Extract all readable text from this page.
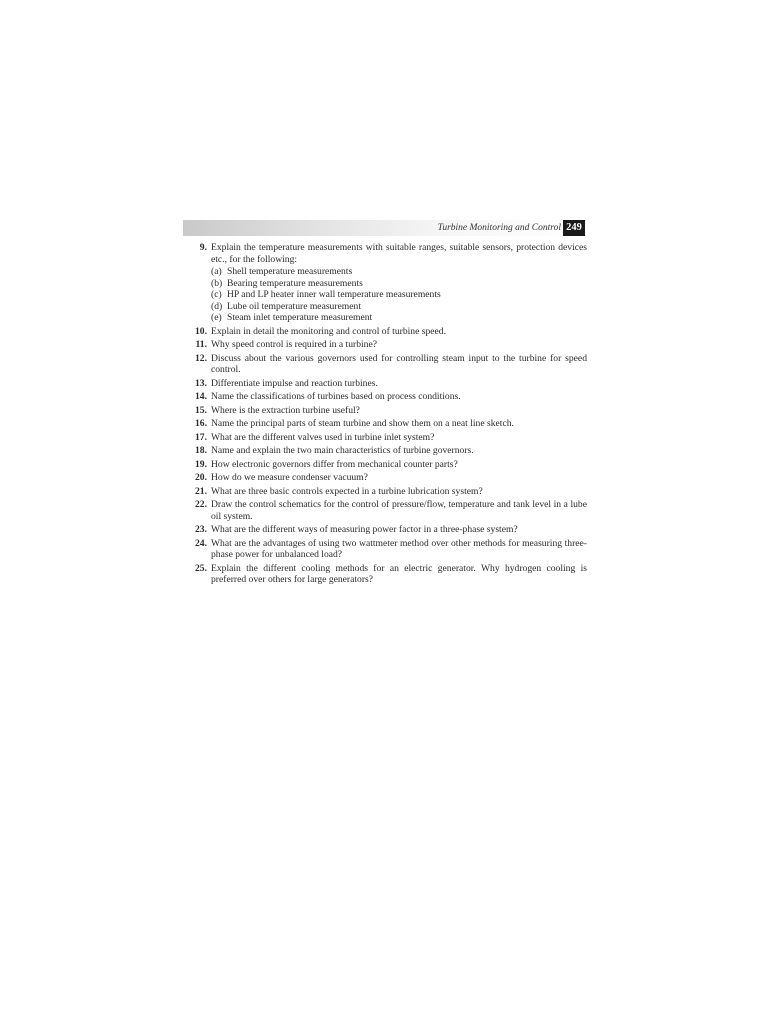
Turbine Monitoring and Control 249
9. Explain the temperature measurements with suitable ranges, suitable sensors, protection devices etc., for the following:
(a) Shell temperature measurements
(b) Bearing temperature measurements
(c) HP and LP heater inner wall temperature measurements
(d) Lube oil temperature measurement
(e) Steam inlet temperature measurement
10. Explain in detail the monitoring and control of turbine speed.
11. Why speed control is required in a turbine?
12. Discuss about the various governors used for controlling steam input to the turbine for speed control.
13. Differentiate impulse and reaction turbines.
14. Name the classifications of turbines based on process conditions.
15. Where is the extraction turbine useful?
16. Name the principal parts of steam turbine and show them on a neat line sketch.
17. What are the different valves used in turbine inlet system?
18. Name and explain the two main characteristics of turbine governors.
19. How electronic governors differ from mechanical counter parts?
20. How do we measure condenser vacuum?
21. What are three basic controls expected in a turbine lubrication system?
22. Draw the control schematics for the control of pressure/flow, temperature and tank level in a lube oil system.
23. What are the different ways of measuring power factor in a three-phase system?
24. What are the advantages of using two wattmeter method over other methods for measuring three-phase power for unbalanced load?
25. Explain the different cooling methods for an electric generator. Why hydrogen cooling is preferred over others for large generators?
